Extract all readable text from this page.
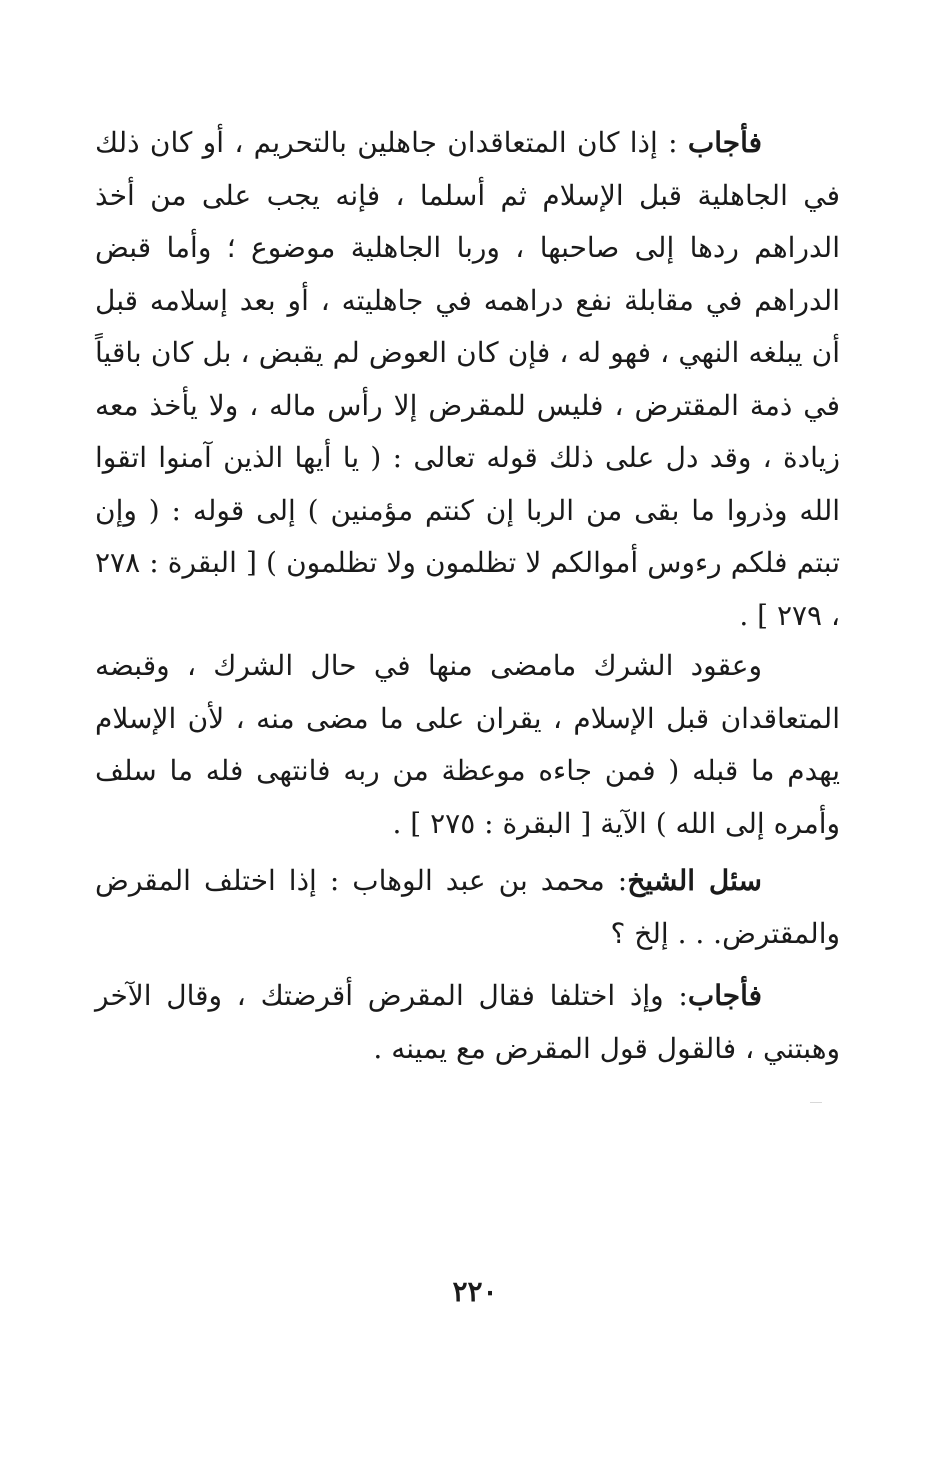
فأجاب : إذا كان المتعاقدان جاهلين بالتحريم ، أو كان ذلك في الجاهلية قبل الإسلام ثم أسلما ، فإنه يجب على من أخذ الدراهم ردها إلى صاحبها ، وربا الجاهلية موضوع ؛ وأما قبض الدراهم في مقابلة نفع دراهمه في جاهليته ، أو بعد إسلامه قبل أن يبلغه النهي ، فهو له ، فإن كان العوض لم يقبض ، بل كان باقياً في ذمة المقترض ، فليس للمقرض إلا رأس ماله ، ولا يأخذ معه زيادة ، وقد دل على ذلك قوله تعالى : ( يا أيها الذين آمنوا اتقوا الله وذروا ما بقى من الربا إن كنتم مؤمنين ) إلى قوله : ( وإن تبتم فلكم رءوس أموالكم لا تظلمون ولا تظلمون ) [ البقرة : ٢٧٨ ، ٢٧٩ ] .

وعقود الشرك مامضى منها في حال الشرك ، وقبضه المتعاقدان قبل الإسلام ، يقران على ما مضى منه ، لأن الإسلام يهدم ما قبله ( فمن جاءه موعظة من ربه فانتهى فله ما سلف وأمره إلى الله ) الآية [ البقرة : ٢٧٥ ] .

سئل الشيخ: محمد بن عبد الوهاب : إذا اختلف المقرض والمقترض. . . إلخ ؟

فأجاب: وإذ اختلفا فقال المقرض أقرضتك ، وقال الآخر وهبتني ، فالقول قول المقرض مع يمينه .

٢٢٠
